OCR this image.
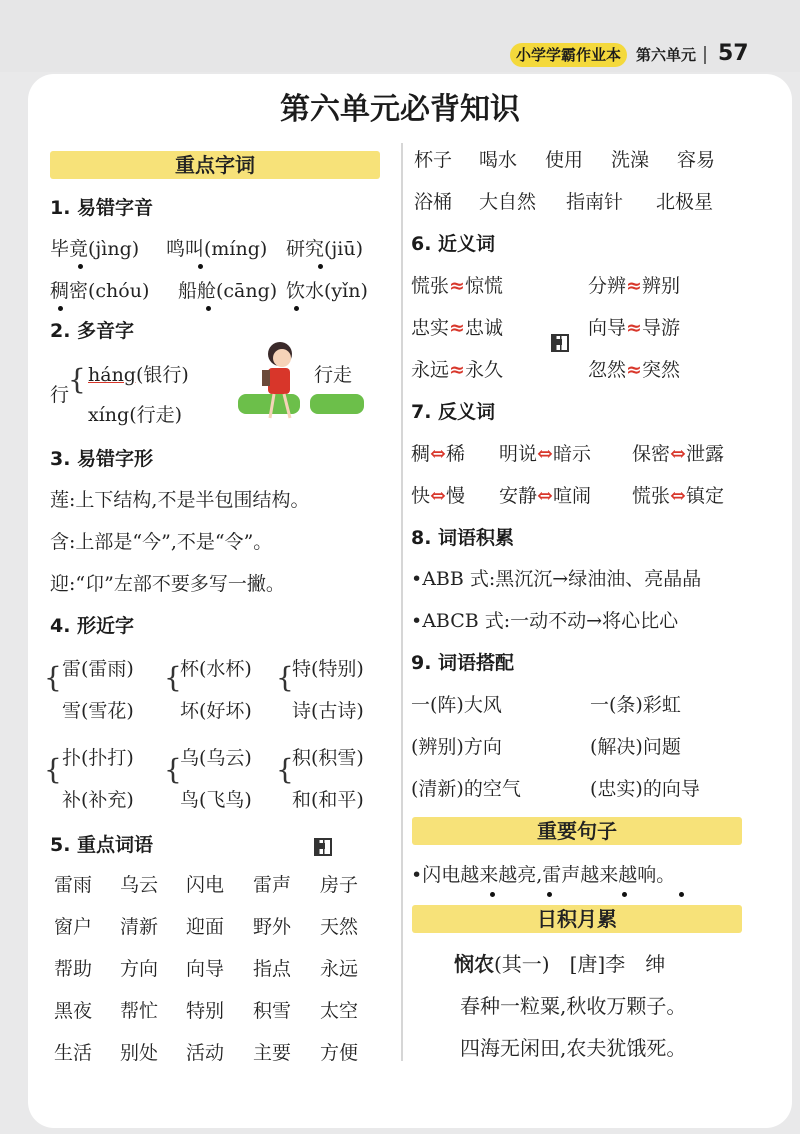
小学学霸作业本	第六单元 57
第六单元必背知识
重点字词
1. 易错字音
毕竟(jìng) 鸣叫(míng) 研究(jiū)
稠密(chóu) 船舱(cāng) 饮水(yǐn)
2. 多音字
行
{ háng(银行)
xíng(行走)
行走
3. 易错字形
莲:上下结构,不是半包围结构。
含:上部是“今”,不是“令”。
迎:“卬”左部不要多写一撇。
4. 形近字
{ 雷(雷雨)
雪(雪花)
{
杯(水杯)
坏(好坏)
{
特(特别)
诗(古诗)
{ 扑(扑打)
补(补充)
{
乌(乌云)
鸟(飞鸟)
{
积(积雪)
和(和平)
5. 重点词语
雷雨 乌云 闪电 雷声 房子
窗户 清新 迎面 野外 天然
帮助 方向 向导 指点 永远
黑夜 帮忙 特别 积雪 太空
生活 别处 活动 主要 方便
杯子 喝水 使用 洗澡 容易
浴桶 大自然 指南针 北极星
6. 近义词
慌张≈惊慌	分辨≈辨别
忠实≈忠诚	向导≈导游
永远≈永久	忽然≈突然
7. 反义词
稠⇔稀 明说⇔暗示 保密⇔泄露
快⇔慢 安静⇔喧闹 慌张⇔镇定
8. 词语积累
•ABB 式:黑沉沉→绿油油、亮晶晶
•ABCB 式:一动不动→将心比心
9. 词语搭配
一(阵)大风	一(条)彩虹
(辨别)方向	(解决)问题
(清新)的空气	(忠实)的向导
重要句子
•闪电越来越亮,雷声越来越响。
日积月累
悯农(其一)　 [唐]李　绅
春种一粒粟,秋收万颗子。
四海无闲田,农夫犹饿死。
